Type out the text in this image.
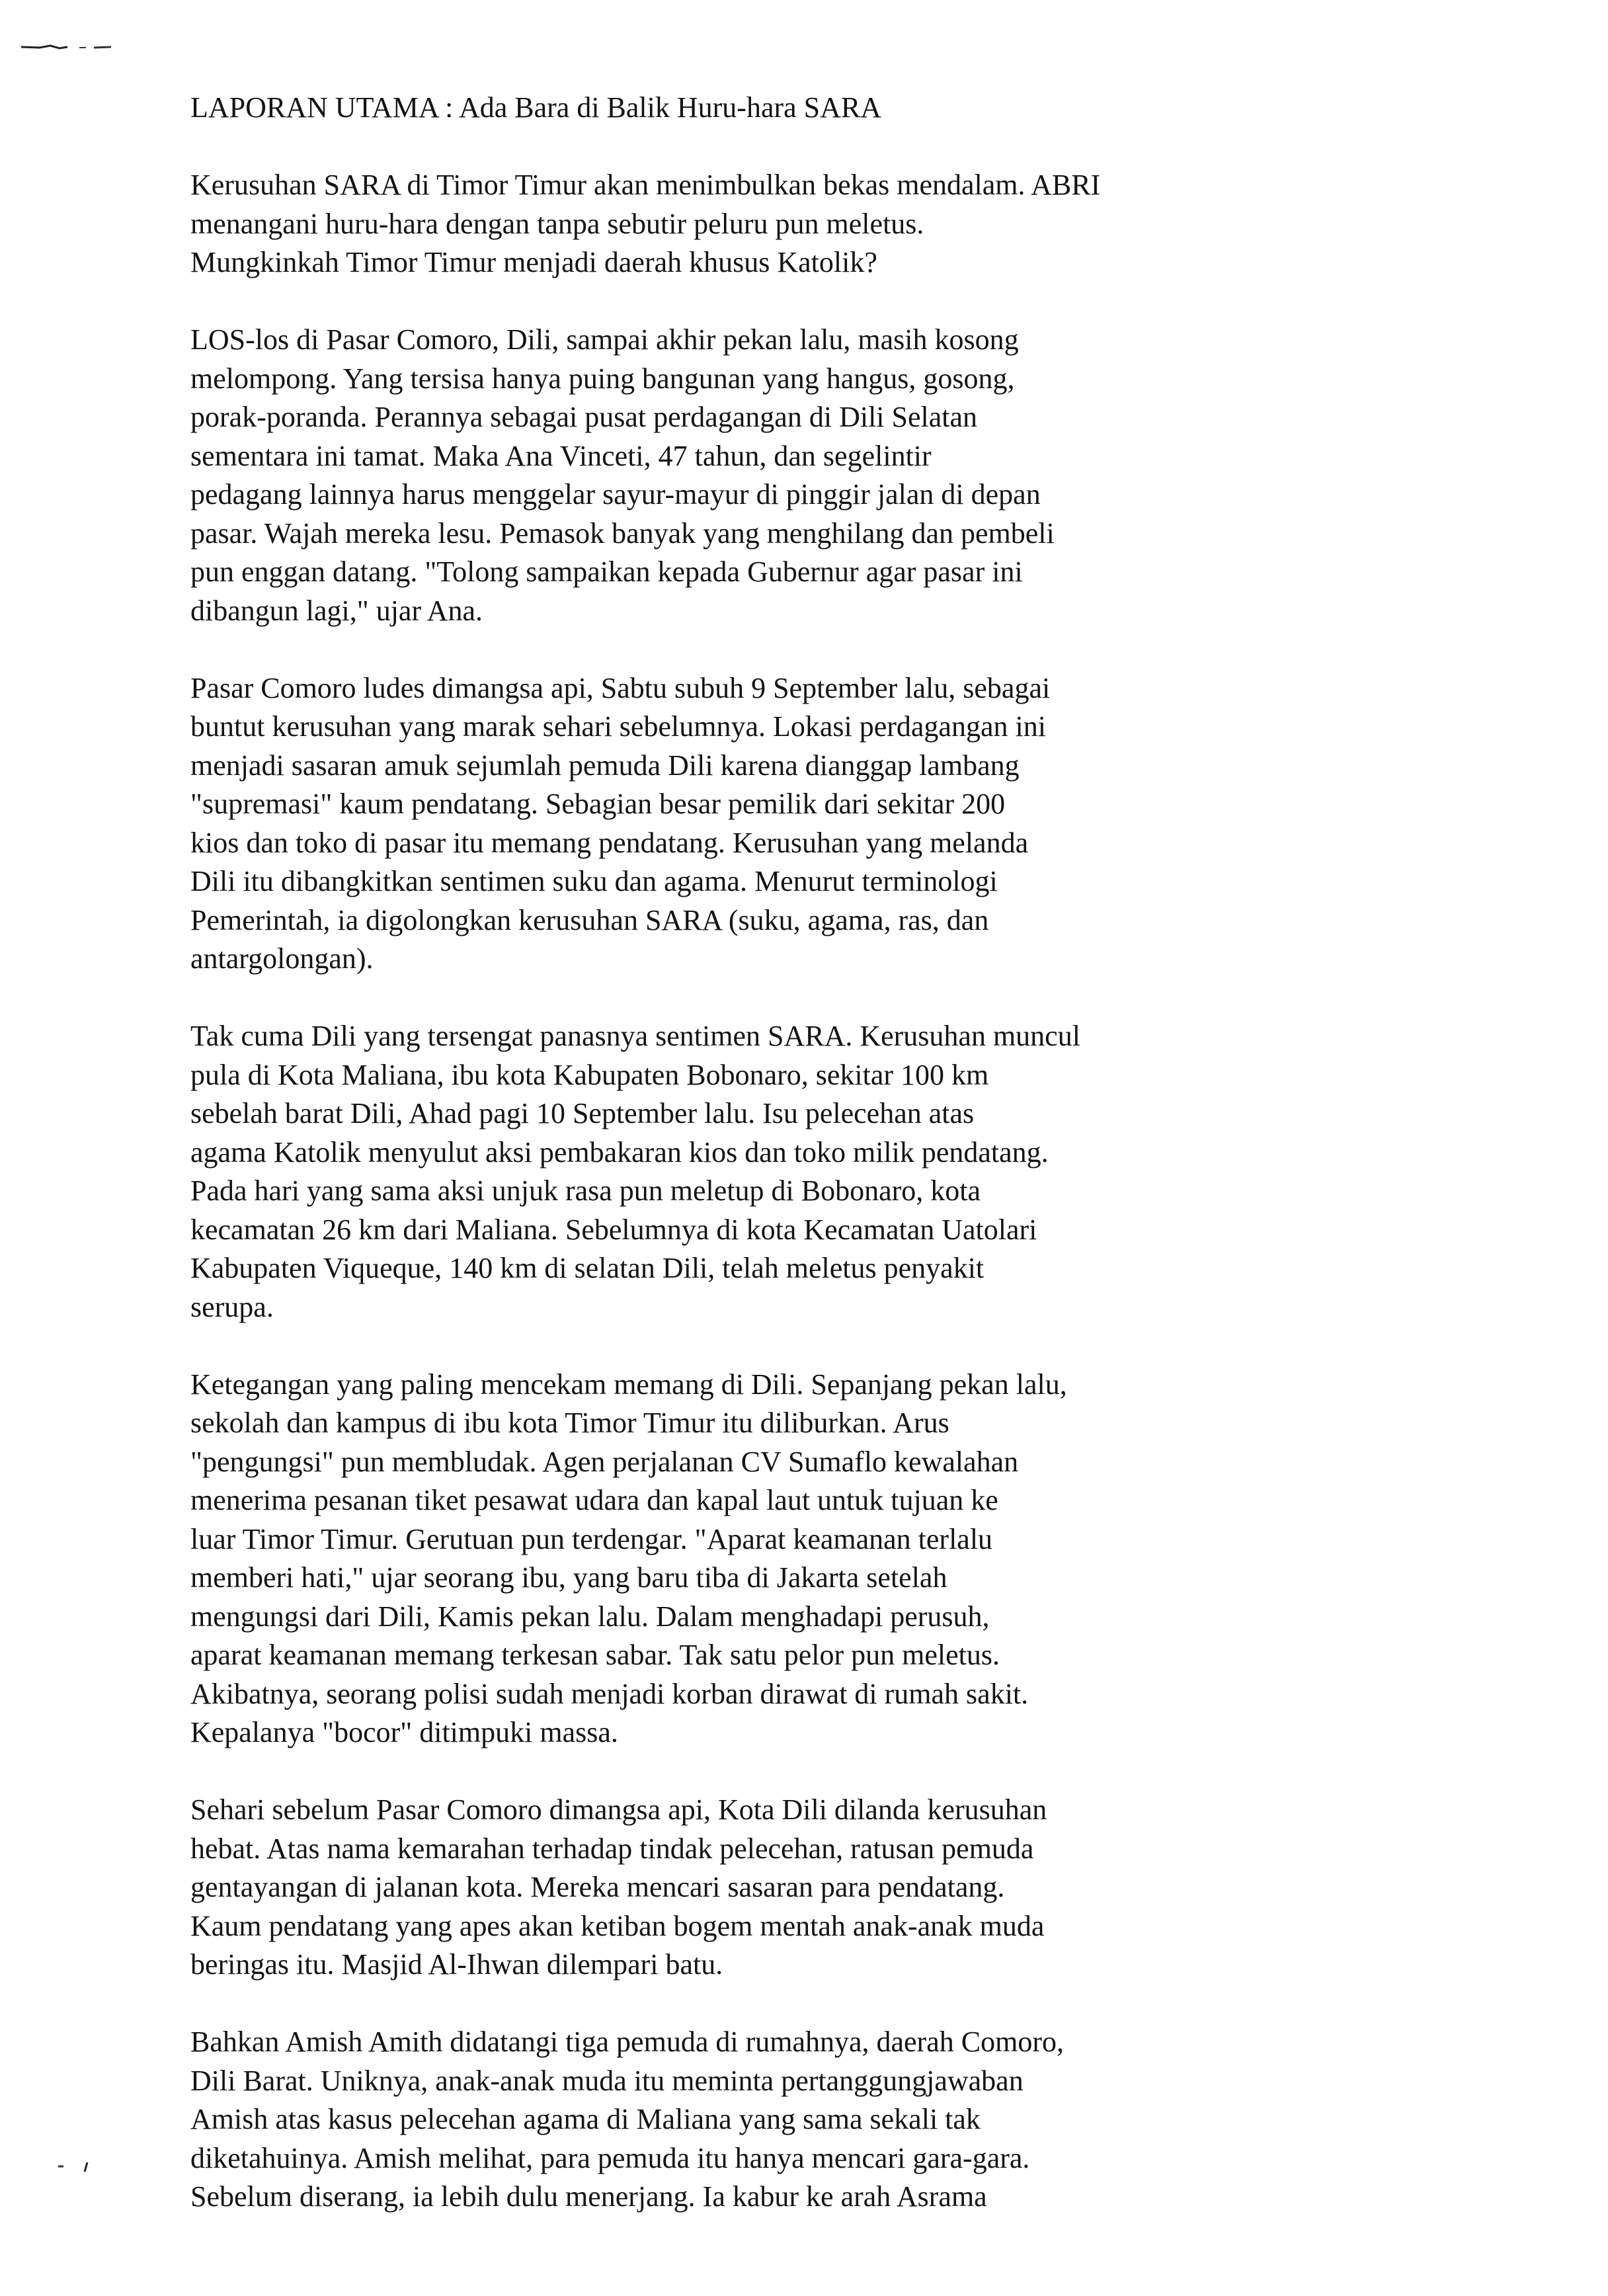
LAPORAN UTAMA : Ada Bara di Balik Huru-hara SARA

Kerusuhan SARA di Timor Timur akan menimbulkan bekas mendalam. ABRI
menangani huru-hara dengan tanpa sebutir peluru pun meletus.
Mungkinkah Timor Timur menjadi daerah khusus Katolik?

LOS-los di Pasar Comoro, Dili, sampai akhir pekan lalu, masih kosong
melompong. Yang tersisa hanya puing bangunan yang hangus, gosong,
porak-poranda. Perannya sebagai pusat perdagangan di Dili Selatan
sementara ini tamat. Maka Ana Vinceti, 47 tahun, dan segelintir
pedagang lainnya harus menggelar sayur-mayur di pinggir jalan di depan
pasar. Wajah mereka lesu. Pemasok banyak yang menghilang dan pembeli
pun enggan datang. "Tolong sampaikan kepada Gubernur agar pasar ini
dibangun lagi," ujar Ana.

Pasar Comoro ludes dimangsa api, Sabtu subuh 9 September lalu, sebagai
buntut kerusuhan yang marak sehari sebelumnya. Lokasi perdagangan ini
menjadi sasaran amuk sejumlah pemuda Dili karena dianggap lambang
"supremasi" kaum pendatang. Sebagian besar pemilik dari sekitar 200
kios dan toko di pasar itu memang pendatang. Kerusuhan yang melanda
Dili itu dibangkitkan sentimen suku dan agama. Menurut terminologi
Pemerintah, ia digolongkan kerusuhan SARA (suku, agama, ras, dan
antargolongan).

Tak cuma Dili yang tersengat panasnya sentimen SARA. Kerusuhan muncul
pula di Kota Maliana, ibu kota Kabupaten Bobonaro, sekitar 100 km
sebelah barat Dili, Ahad pagi 10 September lalu. Isu pelecehan atas
agama Katolik menyulut aksi pembakaran kios dan toko milik pendatang.
Pada hari yang sama aksi unjuk rasa pun meletup di Bobonaro, kota
kecamatan 26 km dari Maliana. Sebelumnya di kota Kecamatan Uatolari
Kabupaten Viqueque, 140 km di selatan Dili, telah meletus penyakit
serupa.

Ketegangan yang paling mencekam memang di Dili. Sepanjang pekan lalu,
sekolah dan kampus di ibu kota Timor Timur itu diliburkan. Arus
"pengungsi" pun membludak. Agen perjalanan CV Sumaflo kewalahan
menerima pesanan tiket pesawat udara dan kapal laut untuk tujuan ke
luar Timor Timur. Gerutuan pun terdengar. "Aparat keamanan terlalu
memberi hati," ujar seorang ibu, yang baru tiba di Jakarta setelah
mengungsi dari Dili, Kamis pekan lalu. Dalam menghadapi perusuh,
aparat keamanan memang terkesan sabar. Tak satu pelor pun meletus.
Akibatnya, seorang polisi sudah menjadi korban dirawat di rumah sakit.
Kepalanya "bocor" ditimpuki massa.

Sehari sebelum Pasar Comoro dimangsa api, Kota Dili dilanda kerusuhan
hebat. Atas nama kemarahan terhadap tindak pelecehan, ratusan pemuda
gentayangan di jalanan kota. Mereka mencari sasaran para pendatang.
Kaum pendatang yang apes akan ketiban bogem mentah anak-anak muda
beringas itu. Masjid Al-Ihwan dilempari batu.

Bahkan Amish Amith didatangi tiga pemuda di rumahnya, daerah Comoro,
Dili Barat. Uniknya, anak-anak muda itu meminta pertanggungjawaban
Amish atas kasus pelecehan agama di Maliana yang sama sekali tak
diketahuinya. Amish melihat, para pemuda itu hanya mencari gara-gara.
Sebelum diserang, ia lebih dulu menerjang. Ia kabur ke arah Asrama
